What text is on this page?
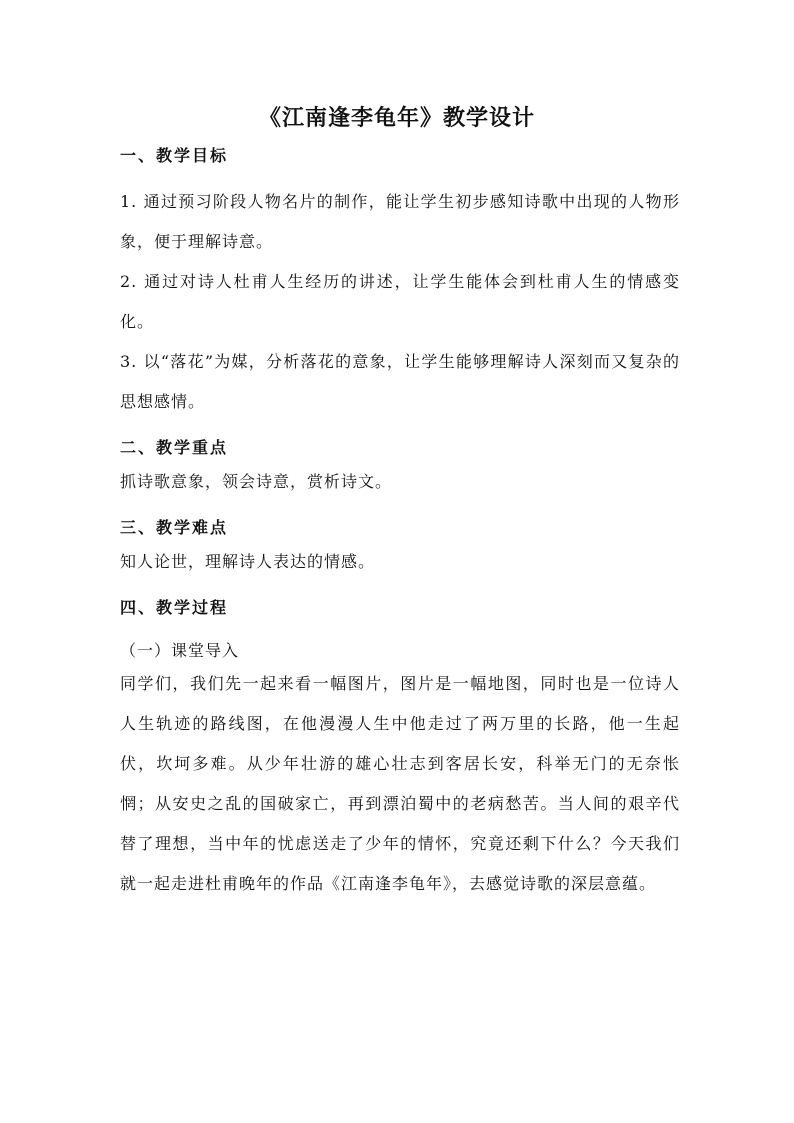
《江南逢李龟年》教学设计
一、教学目标
1. 通过预习阶段人物名片的制作，能让学生初步感知诗歌中出现的人物形象，便于理解诗意。
2. 通过对诗人杜甫人生经历的讲述，让学生能体会到杜甫人生的情感变化。
3. 以“落花”为媒，分析落花的意象，让学生能够理解诗人深刻而又复杂的思想感情。
二、教学重点
抓诗歌意象，领会诗意，赏析诗文。
三、教学难点
知人论世，理解诗人表达的情感。
四、教学过程
（一）课堂导入
同学们，我们先一起来看一幅图片，图片是一幅地图，同时也是一位诗人人生轨迹的路线图，在他漫漫人生中他走过了两万里的长路，他一生起伏，坎坷多难。从少年壮游的雄心壮志到客居长安，科举无门的无奈怅惘；从安史之乱的国破家亡，再到漂泊蜀中的老病愁苦。当人间的艰辛代替了理想，当中年的忧虑送走了少年的情怀，究竟还剩下什么？今天我们就一起走进杜甫晚年的作品《江南逢李龟年》，去感觉诗歌的深层意蕴。
